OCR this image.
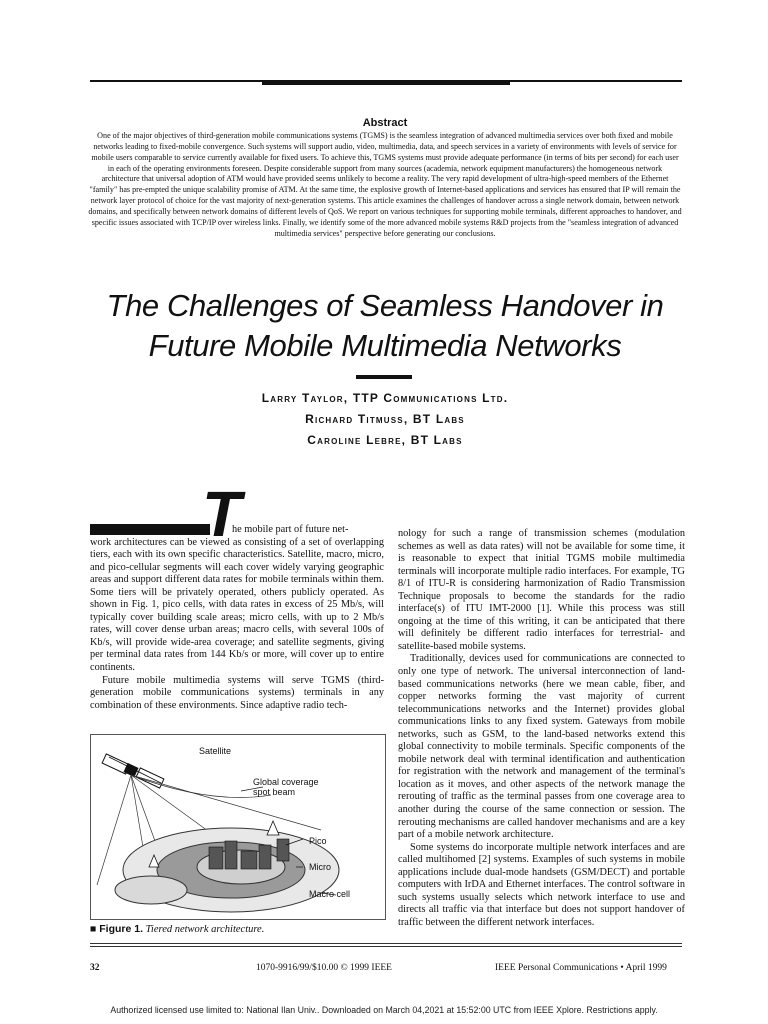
Abstract
One of the major objectives of third-generation mobile communications systems (TGMS) is the seamless integration of advanced multimedia services over both fixed and mobile networks leading to fixed-mobile convergence. Such systems will support audio, video, multimedia, data, and speech services in a variety of environments with levels of service for mobile users comparable to service currently available for fixed users. To achieve this, TGMS systems must provide adequate performance (in terms of bits per second) for each user in each of the operating environments foreseen. Despite considerable support from many sources (academia, network equipment manufacturers) the homogeneous network architecture that universal adoption of ATM would have provided seems unlikely to become a reality. The very rapid development of ultra-high-speed members of the Ethernet "family" has pre-empted the unique scalability promise of ATM. At the same time, the explosive growth of Internet-based applications and services has ensured that IP will remain the network layer protocol of choice for the vast majority of next-generation systems. This article examines the challenges of handover across a single network domain, between network domains, and specifically between network domains of different levels of QoS. We report on various techniques for supporting mobile terminals, different approaches to handover, and specific issues associated with TCP/IP over wireless links. Finally, we identify some of the more advanced mobile systems R&D projects from the "seamless integration of advanced multimedia services" perspective before generating our conclusions.
The Challenges of Seamless Handover in
Future Mobile Multimedia Networks
Larry Taylor, TTP Communications Ltd.
Richard Titmuss, BT Labs
Caroline Lebre, BT Labs
T

he mobile part of future net-

work architectures can be viewed as consisting of a set of overlapping tiers, each with its own specific characteristics. Satellite, macro, micro, and pico-cellular segments will each cover widely varying geographic areas and support different data rates for mobile terminals within them. Some tiers will be privately operated, others publicly operated. As shown in Fig. 1, pico cells, with data rates in excess of 25 Mb/s, will typically cover building scale areas; micro cells, with up to 2 Mb/s rates, will cover dense urban areas; macro cells, with several 100s of Kb/s, will provide wide-area coverage; and satellite segments, giving per terminal data rates from 144 Kb/s or more, will cover up to entire continents.

Future mobile multimedia systems will serve TGMS (third-generation mobile communications systems) terminals in any combination of these environments. Since adaptive radio tech-

Satellite
Global coverage
spot beam
Pico
Micro
Macro cell
■ Figure 1. Tiered network architecture.

nology for such a range of transmission schemes (modulation schemes as well as data rates) will not be available for some time, it is reasonable to expect that initial TGMS mobile multimedia terminals will incorporate multiple radio interfaces. For example, TG 8/1 of ITU-R is considering harmonization of Radio Transmission Technique proposals to become the standards for the radio interface(s) of ITU IMT-2000 [1]. While this process was still ongoing at the time of this writing, it can be anticipated that there will definitely be different radio interfaces for terrestrial- and satellite-based mobile systems.

Traditionally, devices used for communications are connected to only one type of network. The universal interconnection of land-based communications networks (here we mean cable, fiber, and copper networks forming the vast majority of current telecommunications networks and the Internet) provides global communications links to any fixed system. Gateways from mobile networks, such as GSM, to the land-based networks extend this global connectivity to mobile terminals. Specific components of the mobile network deal with terminal identification and authentication for registration with the network and management of the terminal's location as it moves, and other aspects of the network manage the rerouting of traffic as the terminal passes from one coverage area to another during the course of the same connection or session. The rerouting mechanisms are called handover mechanisms and are a key part of a mobile network architecture.

Some systems do incorporate multiple network interfaces and are called multihomed [2] systems. Examples of such systems in mobile applications include dual-mode handsets (GSM/DECT) and portable computers with IrDA and Ethernet interfaces. The control software in such systems usually selects which network interface to use and directs all traffic via that interface but does not support handover of traffic between the different network interfaces.

32	1070-9916/99/$10.00 © 1999 IEEE	IEEE Personal Communications • April 1999
Authorized licensed use limited to: National Ilan Univ.. Downloaded on March 04,2021 at 15:52:00 UTC from IEEE Xplore. Restrictions apply.
